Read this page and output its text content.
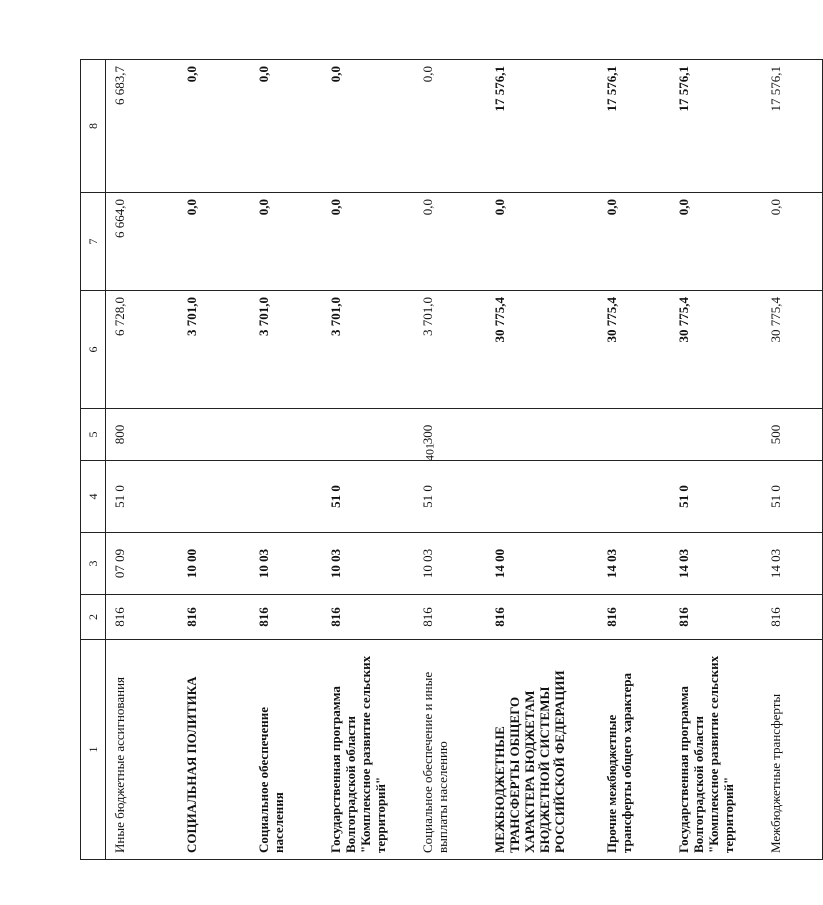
401
1	2	3	4	5	6	7	8
Иные бюджетные ассигнования	816	07 09	51 0	800	6 728,0	6 664,0	6 683,7
СОЦИАЛЬНАЯ ПОЛИТИКА	816	10 00			3 701,0	0,0	0,0
Социальное обеспечение населения	816	10 03			3 701,0	0,0	0,0
Государственная программа Волгоградской области "Комплексное развитие сельских территорий"	816	10 03	51 0		3 701,0	0,0	0,0
Социальное обеспечение и иные выплаты населению	816	10 03	51 0	300	3 701,0	0,0	0,0
МЕЖБЮДЖЕТНЫЕ ТРАНСФЕРТЫ ОБЩЕГО ХАРАКТЕРА БЮДЖЕТАМ БЮДЖЕТНОЙ СИСТЕМЫ РОССИЙСКОЙ ФЕДЕРАЦИИ	816	14 00			30 775,4	0,0	17 576,1
Прочие межбюджетные трансферты общего характера	816	14 03			30 775,4	0,0	17 576,1
Государственная программа Волгоградской области "Комплексное развитие сельских территорий"	816	14 03	51 0		30 775,4	0,0	17 576,1
Межбюджетные трансферты	816	14 03	51 0	500	30 775,4	0,0	17 576,1
